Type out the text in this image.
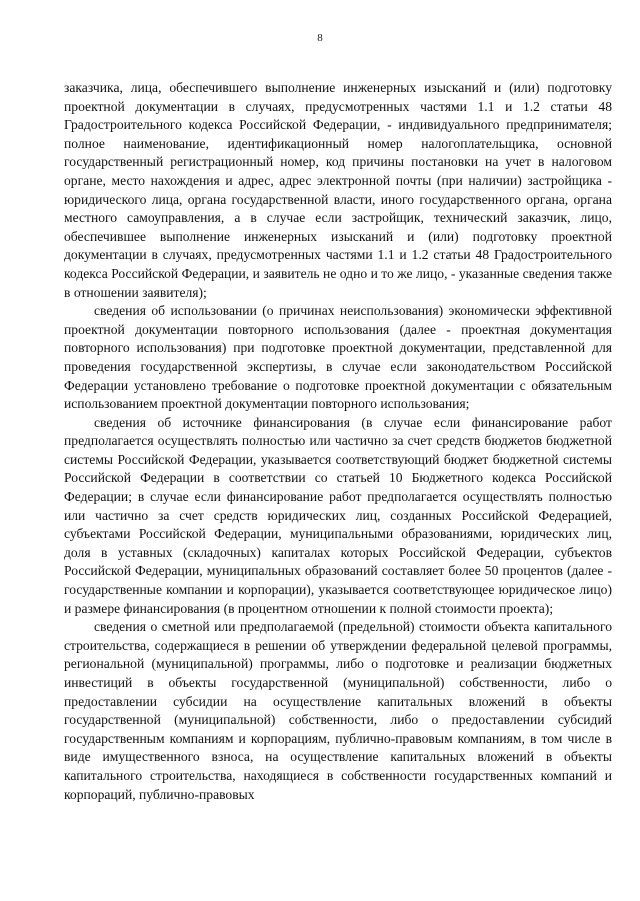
8

заказчика, лица, обеспечившего выполнение инженерных изысканий и (или) подготовку проектной документации в случаях, предусмотренных частями 1.1 и 1.2 статьи 48 Градостроительного кодекса Российской Федерации, - индивидуального предпринимателя; полное наименование, идентификационный номер налогоплательщика, основной государственный регистрационный номер, код причины постановки на учет в налоговом органе, место нахождения и адрес, адрес электронной почты (при наличии) застройщика - юридического лица, органа государственной власти, иного государственного органа, органа местного самоуправления, а в случае если застройщик, технический заказчик, лицо, обеспечившее выполнение инженерных изысканий и (или) подготовку проектной документации в случаях, предусмотренных частями 1.1 и 1.2 статьи 48 Градостроительного кодекса Российской Федерации, и заявитель не одно и то же лицо, - указанные сведения также в отношении заявителя);

сведения об использовании (о причинах неиспользования) экономически эффективной проектной документации повторного использования (далее - проектная документация повторного использования) при подготовке проектной документации, представленной для проведения государственной экспертизы, в случае если законодательством Российской Федерации установлено требование о подготовке проектной документации с обязательным использованием проектной документации повторного использования;

сведения об источнике финансирования (в случае если финансирование работ предполагается осуществлять полностью или частично за счет средств бюджетов бюджетной системы Российской Федерации, указывается соответствующий бюджет бюджетной системы Российской Федерации в соответствии со статьей 10 Бюджетного кодекса Российской Федерации; в случае если финансирование работ предполагается осуществлять полностью или частично за счет средств юридических лиц, созданных Российской Федерацией, субъектами Российской Федерации, муниципальными образованиями, юридических лиц, доля в уставных (складочных) капиталах которых Российской Федерации, субъектов Российской Федерации, муниципальных образований составляет более 50 процентов (далее - государственные компании и корпорации), указывается соответствующее юридическое лицо) и размере финансирования (в процентном отношении к полной стоимости проекта);

сведения о сметной или предполагаемой (предельной) стоимости объекта капитального строительства, содержащиеся в решении об утверждении федеральной целевой программы, региональной (муниципальной) программы, либо о подготовке и реализации бюджетных инвестиций в объекты государственной (муниципальной) собственности, либо о предоставлении субсидии на осуществление капитальных вложений в объекты государственной (муниципальной) собственности, либо о предоставлении субсидий государственным компаниям и корпорациям, публично-правовым компаниям, в том числе в виде имущественного взноса, на осуществление капитальных вложений в объекты капитального строительства, находящиеся в собственности государственных компаний и корпораций, публично-правовых
